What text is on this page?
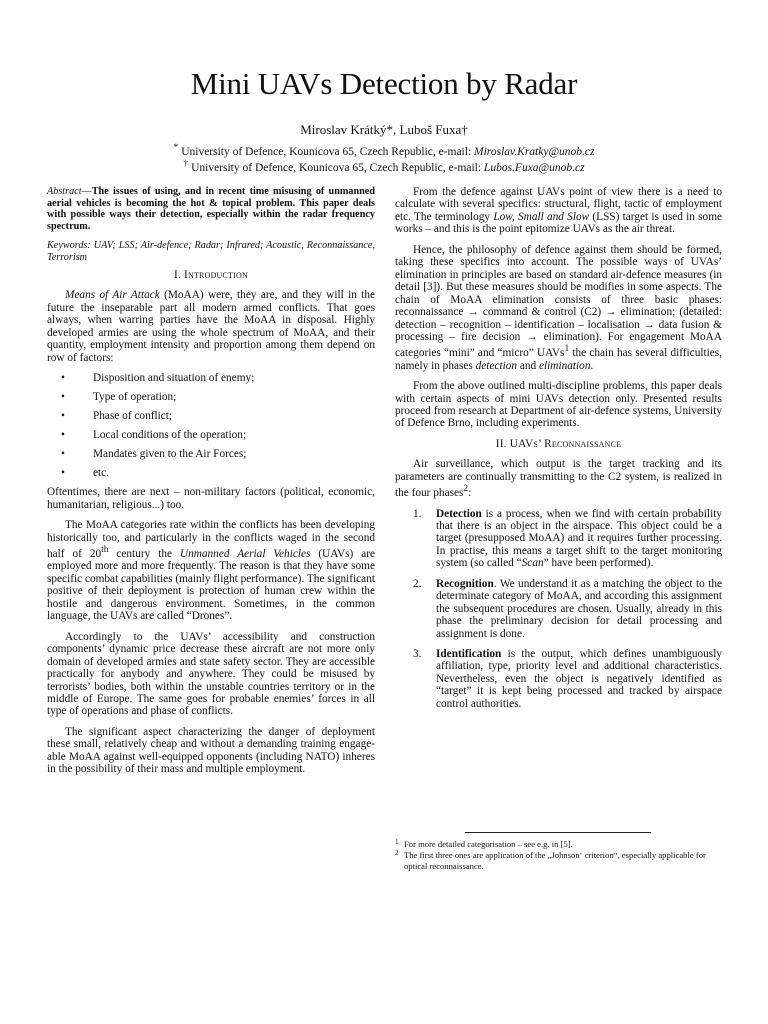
Mini UAVs Detection by Radar
Miroslav Krátký*, Luboš Fuxa†
* University of Defence, Kounicova 65, Czech Republic, e-mail: Miroslav.Kratky@unob.cz
† University of Defence, Kounicova 65, Czech Republic, e-mail: Lubos.Fuxa@unob.cz

Abstract—The issues of using, and in recent time misusing of unmanned aerial vehicles is becoming the hot & topical problem. This paper deals with possible ways their detection, especially within the radar frequency spectrum.

Keywords: UAV; LSS; Air-defence; Radar; Infrared; Acoustic, Reconnaissance, Terrorism

I. Introduction

Means of Air Attack (MoAA) were, they are, and they will in the future the inseparable part all modern armed conflicts. That goes always, when warring parties have the MoAA in disposal. Highly developed armies are using the whole spectrum of MoAA, and their quantity, employment intensity and proportion among them depend on row of factors:

• Disposition and situation of enemy;
• Type of operation;
• Phase of conflict;
• Local conditions of the operation;
• Mandates given to the Air Forces;
• etc.

Oftentimes, there are next – non-military factors (political, economic, humanitarian, religious...) too.

The MoAA categories rate within the conflicts has been developing historically too, and particularly in the conflicts waged in the second half of 20th century the Unmanned Aerial Vehicles (UAVs) are employed more and more frequently. The reason is that they have some specific combat capabilities (mainly flight performance). The significant positive of their deployment is protection of human crew within the hostile and dangerous environment. Sometimes, in the common language, the UAVs are called “Drones”.

Accordingly to the UAVs’ accessibility and construction components’ dynamic price decrease these aircraft are not more only domain of developed armies and state safety sector. They are accessible practically for anybody and anywhere. They could be misused by terrorists’ bodies, both within the unstable countries territory or in the middle of Europe. The same goes for probable enemies’ forces in all type of operations and phase of conflicts.

The significant aspect characterizing the danger of deployment these small, relatively cheap and without a demanding training engage-able MoAA against well-equipped opponents (including NATO) inheres in the possibility of their mass and multiple employment.

From the defence against UAVs point of view there is a need to calculate with several specifics: structural, flight, tactic of employment etc. The terminology Low, Small and Slow (LSS) target is used in some works – and this is the point epitomize UAVs as the air threat.

Hence, the philosophy of defence against them should be formed, taking these specifics into account. The possible ways of UVAs’ elimination in principles are based on standard air-defence measures (in detail [3]). But these measures should be modifies in some aspects. The chain of MoAA elimination consists of three basic phases: reconnaissance → command & control (C2) → elimination; (detailed: detection – recognition – identification – localisation → data fusion & processing – fire decision → elimination). For engagement MoAA categories “mini” and “micro” UAVs$^1$ the chain has several difficulties, namely in phases detection and elimination.

From the above outlined multi-discipline problems, this paper deals with certain aspects of mini UAVs detection only. Presented results proceed from research at Department of air-defence systems, University of Defence Brno, including experiments.

II. UAVs’ Reconnaissance

Air surveillance, which output is the target tracking and its parameters are continually transmitting to the C2 system, is realized in the four phases$^2$:

1. Detection is a process, when we find with certain probability that there is an object in the airspace. This object could be a target (presupposed MoAA) and it requires further processing. In practise, this means a target shift to the target monitoring system (so called “Scan” have been performed).
2. Recognition. We understand it as a matching the object to the determinate category of MoAA, and according this assignment the subsequent procedures are chosen. Usually, already in this phase the preliminary decision for detail processing and assignment is done.
3. Identification is the output, which defines unambiguously affiliation, type, priority level and additional characteristics. Nevertheless, even the object is negatively identified as “target” it is kept being processed and tracked by airspace control authorities.
1 For more detailed categorisation – see e.g. in [5].
2 The first three ones are application of the „Johnson‘ criterion“, especially applicable for optical reconnaissance.
